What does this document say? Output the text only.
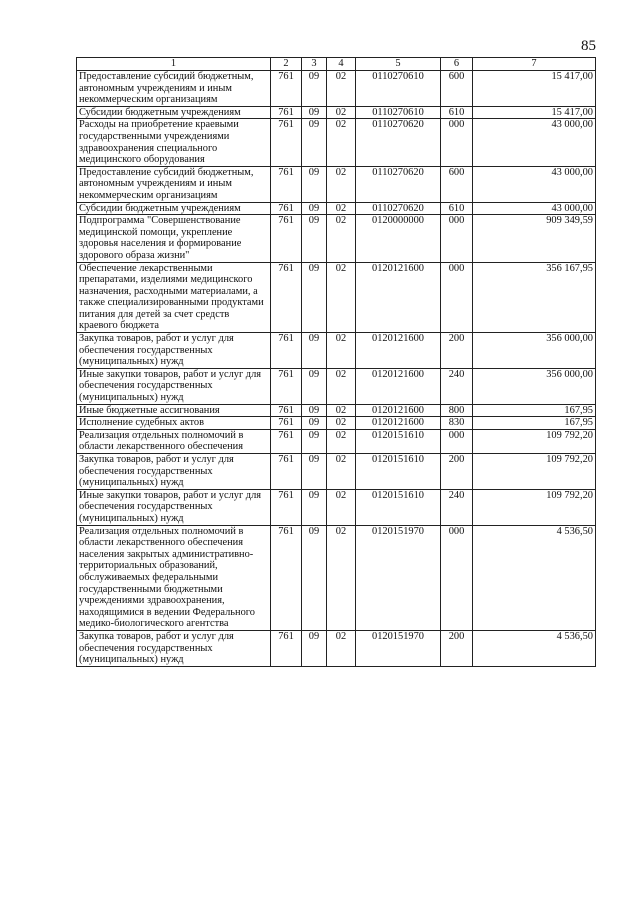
85
1	2	3	4	5	6	7
Предоставление субсидий бюджетным, автономным учреждениям и иным некоммерческим организациям	761	09	02	0110270610	600	15 417,00
Субсидии бюджетным учреждениям	761	09	02	0110270610	610	15 417,00
Расходы на приобретение краевыми государственными учреждениями здравоохранения специального медицинского оборудования	761	09	02	0110270620	000	43 000,00
Предоставление субсидий бюджетным, автономным учреждениям и иным некоммерческим организациям	761	09	02	0110270620	600	43 000,00
Субсидии бюджетным учреждениям	761	09	02	0110270620	610	43 000,00
Подпрограмма "Совершенствование медицинской помощи, укрепление здоровья населения и формирование здорового образа жизни"	761	09	02	0120000000	000	909 349,59
Обеспечение лекарственными препаратами, изделиями медицинского назначения, расходными материалами, а также специализированными продуктами питания для детей за счет средств краевого бюджета	761	09	02	0120121600	000	356 167,95
Закупка товаров, работ и услуг для обеспечения государственных (муниципальных) нужд	761	09	02	0120121600	200	356 000,00
Иные закупки товаров, работ и услуг для обеспечения государственных (муниципальных) нужд	761	09	02	0120121600	240	356 000,00
Иные бюджетные ассигнования	761	09	02	0120121600	800	167,95
Исполнение судебных актов	761	09	02	0120121600	830	167,95
Реализация отдельных полномочий в области лекарственного обеспечения	761	09	02	0120151610	000	109 792,20
Закупка товаров, работ и услуг для обеспечения государственных (муниципальных) нужд	761	09	02	0120151610	200	109 792,20
Иные закупки товаров, работ и услуг для обеспечения государственных (муниципальных) нужд	761	09	02	0120151610	240	109 792,20
Реализация отдельных полномочий в области лекарственного обеспечения населения закрытых административно-территориальных образований, обслуживаемых федеральными государственными бюджетными учреждениями здравоохранения, находящимися в ведении Федерального медико-биологического агентства	761	09	02	0120151970	000	4 536,50
Закупка товаров, работ и услуг для обеспечения государственных (муниципальных) нужд	761	09	02	0120151970	200	4 536,50
